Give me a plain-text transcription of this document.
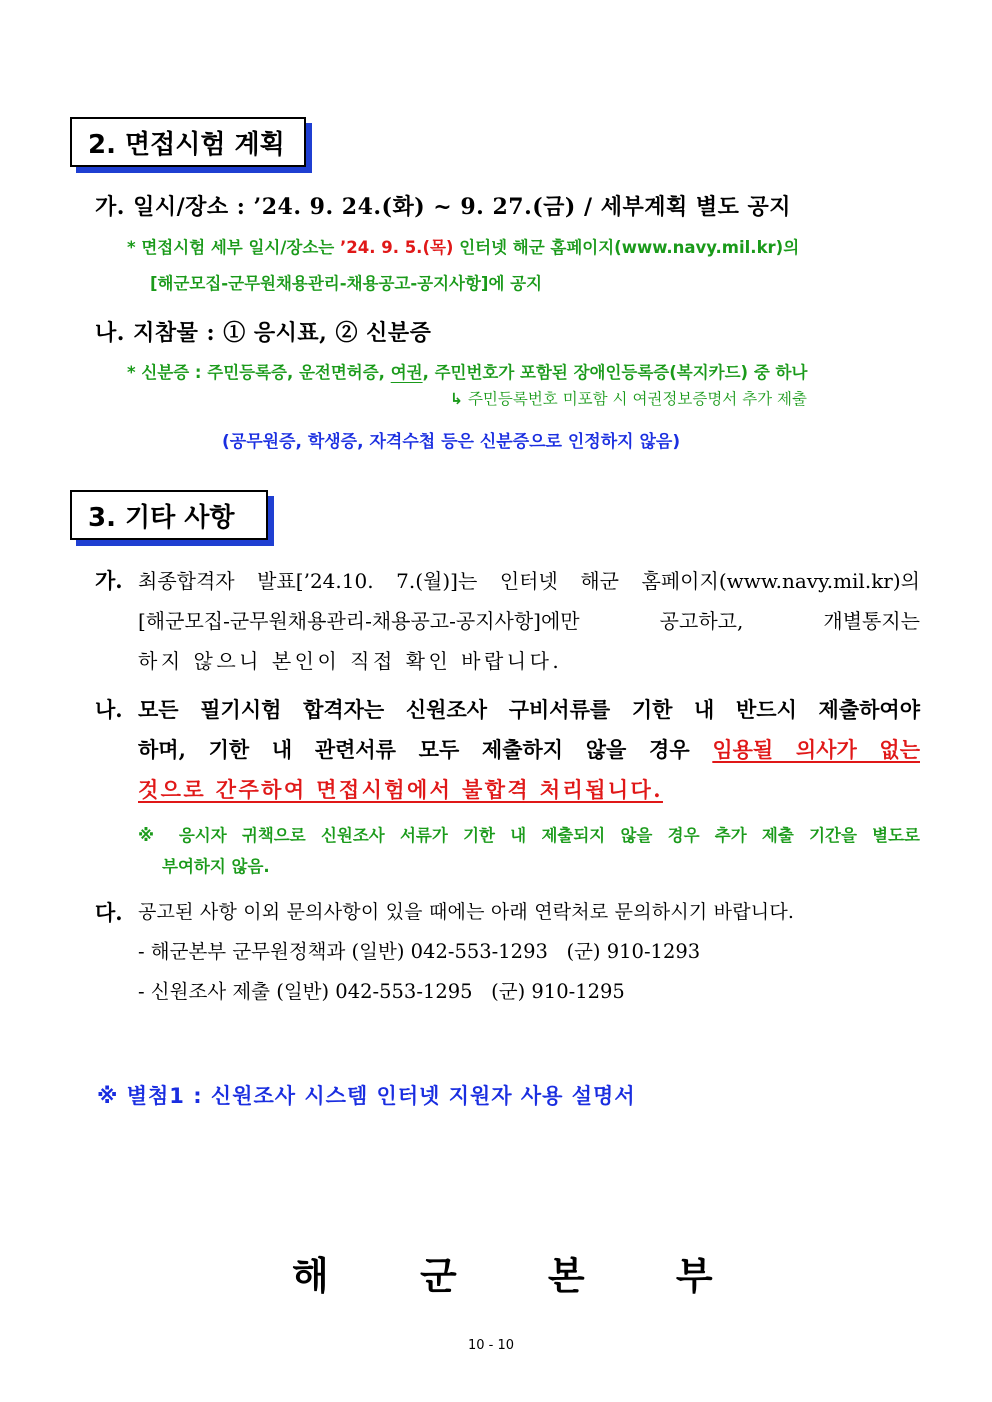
2. 면접시험 계획
가. 일시/장소 : ’24. 9. 24.(화) ~ 9. 27.(금) / 세부계획 별도 공지
* 면접시험 세부 일시/장소는 ’24. 9. 5.(목) 인터넷 해군 홈페이지(www.navy.mil.kr)의
[해군모집-군무원채용관리-채용공고-공지사항]에 공지
나. 지참물 : ① 응시표, ② 신분증
* 신분증 : 주민등록증, 운전면허증, 여권, 주민번호가 포함된 장애인등록증(복지카드) 중 하나
↳ 주민등록번호 미포함 시 여권정보증명서 추가 제출
(공무원증, 학생증, 자격수첩 등은 신분증으로 인정하지 않음)
3. 기타 사항
가. 최종합격자 발표[’24.10. 7.(월)]는 인터넷 해군 홈페이지(www.navy.mil.kr)의
[해군모집-군무원채용관리-채용공고-공지사항]에만 공고하고, 개별통지는
하지 않으니 본인이 직접 확인 바랍니다.
나. 모든 필기시험 합격자는 신원조사 구비서류를 기한 내 반드시 제출하여야
하며, 기한 내 관련서류 모두 제출하지 않을 경우 임용될 의사가 없는
것으로 간주하여 면접시험에서 불합격 처리됩니다.
※ 응시자 귀책으로 신원조사 서류가 기한 내 제출되지 않을 경우 추가 제출 기간을 별도로
부여하지 않음.
다. 공고된 사항 이외 문의사항이 있을 때에는 아래 연락처로 문의하시기 바랍니다.
- 해군본부 군무원정책과 (일반) 042-553-1293   (군) 910-1293
- 신원조사 제출 (일반) 042-553-1295   (군) 910-1295
※ 별첨1 : 신원조사 시스템 인터넷 지원자 사용 설명서
해 군 본 부
10 - 10
